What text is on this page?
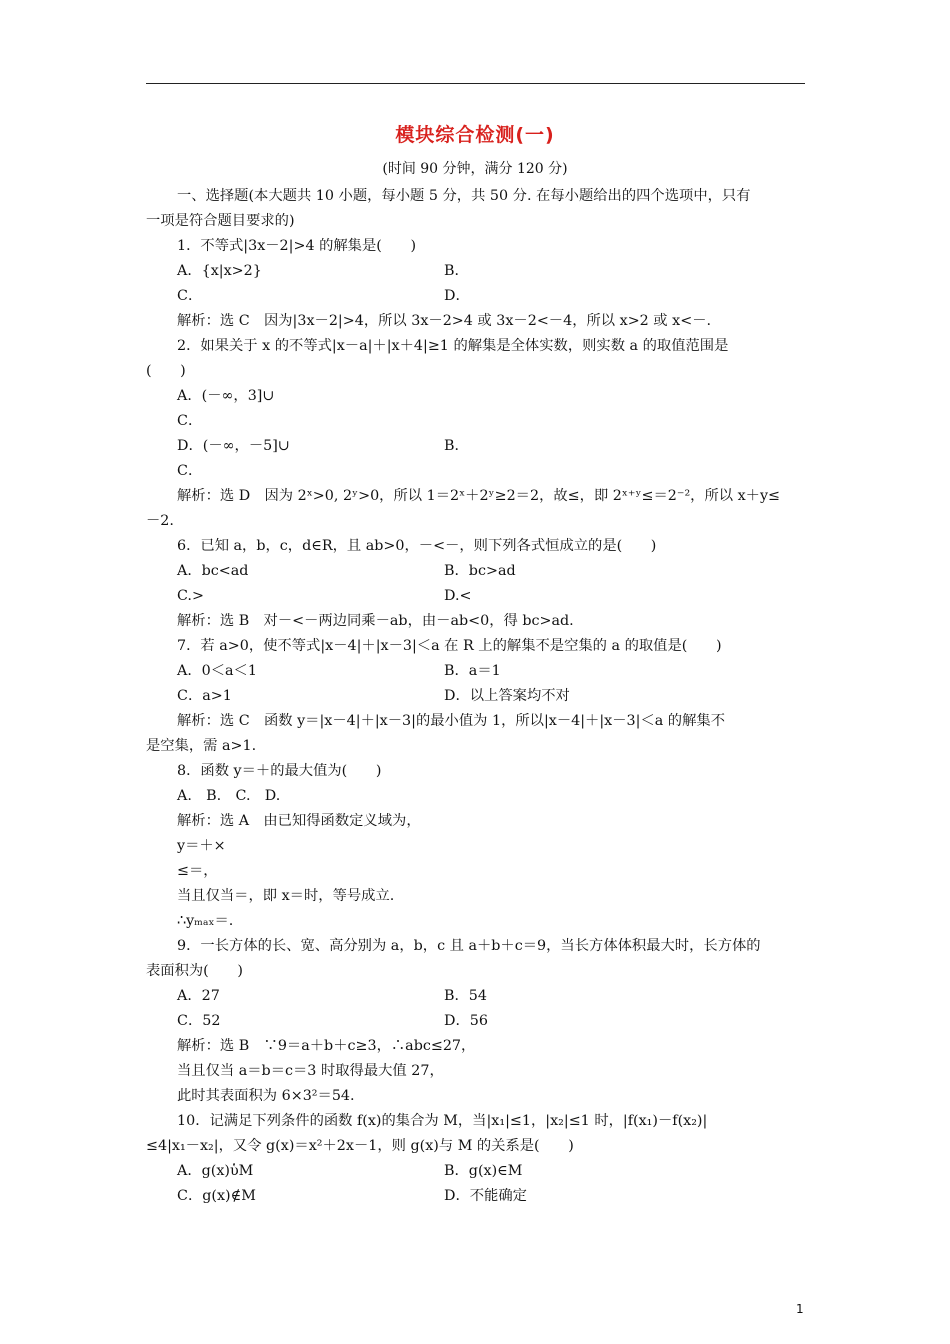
模块综合检测(一)
(时间 90 分钟，满分 120 分)

一、选择题(本大题共 10 小题，每小题 5 分，共 50 分. 在每小题给出的四个选项中，只有

一项是符合题目要求的)

1．不等式|3x－2|>4 的解集是(　　)

A．{x|x>2}	B．
C．	D．

解析：选 C　因为|3x－2|>4，所以 3x－2>4 或 3x－2<－4，所以 x>2 或 x<－.

2．如果关于 x 的不等式|x－a|＋|x＋4|≥1 的解集是全体实数，则实数 a 的取值范围是

(　　)

A．(－∞，3]∪
C．
D．(－∞，－5]∪	B．
C．

解析：选 D　因为 2ˣ>0, 2ʸ>0，所以 1＝2ˣ＋2ʸ≥2＝2，故≤，即 2ˣ⁺ʸ≤＝2⁻²，所以 x＋y≤

－2.

6．已知 a，b，c，d∈R，且 ab>0，－<－，则下列各式恒成立的是(　　)

A．bc<ad	B．bc>ad
C.>	D.<

解析：选 B　对－<－两边同乘－ab，由－ab<0，得 bc>ad.

7．若 a>0，使不等式|x－4|＋|x－3|＜a 在 R 上的解集不是空集的 a 的取值是(　　)

A．0＜a＜1	B．a＝1
C．a>1	D．以上答案均不对

解析：选 C　函数 y＝|x－4|＋|x－3|的最小值为 1，所以|x－4|＋|x－3|＜a 的解集不

是空集，需 a>1.

8．函数 y＝＋的最大值为(　　)

A.　B.　C.　D.

解析：选 A　由已知得函数定义域为，

y＝＋×

≤＝，

当且仅当＝，即 x＝时，等号成立.

∴yₘₐₓ＝.

9．一长方体的长、宽、高分别为 a，b，c 且 a＋b＋c＝9，当长方体体积最大时，长方体的

表面积为(　　)

A．27	B．54
C．52	D．56

解析：选 B　∵9＝a＋b＋c≥3，∴abc≤27，

当且仅当 a＝b＝c＝3 时取得最大值 27，

此时其表面积为 6×3²＝54.

10．记满足下列条件的函数 f(x)的集合为 M，当|x₁|≤1，|x₂|≤1 时，|f(x₁)－f(x₂)|

≤4|x₁－x₂|，又令 g(x)＝x²＋2x－1，则 g(x)与 M 的关系是(　　)

A．g(x)ὑM	B．g(x)∈M
C．g(x)∉M	D．不能确定
1
